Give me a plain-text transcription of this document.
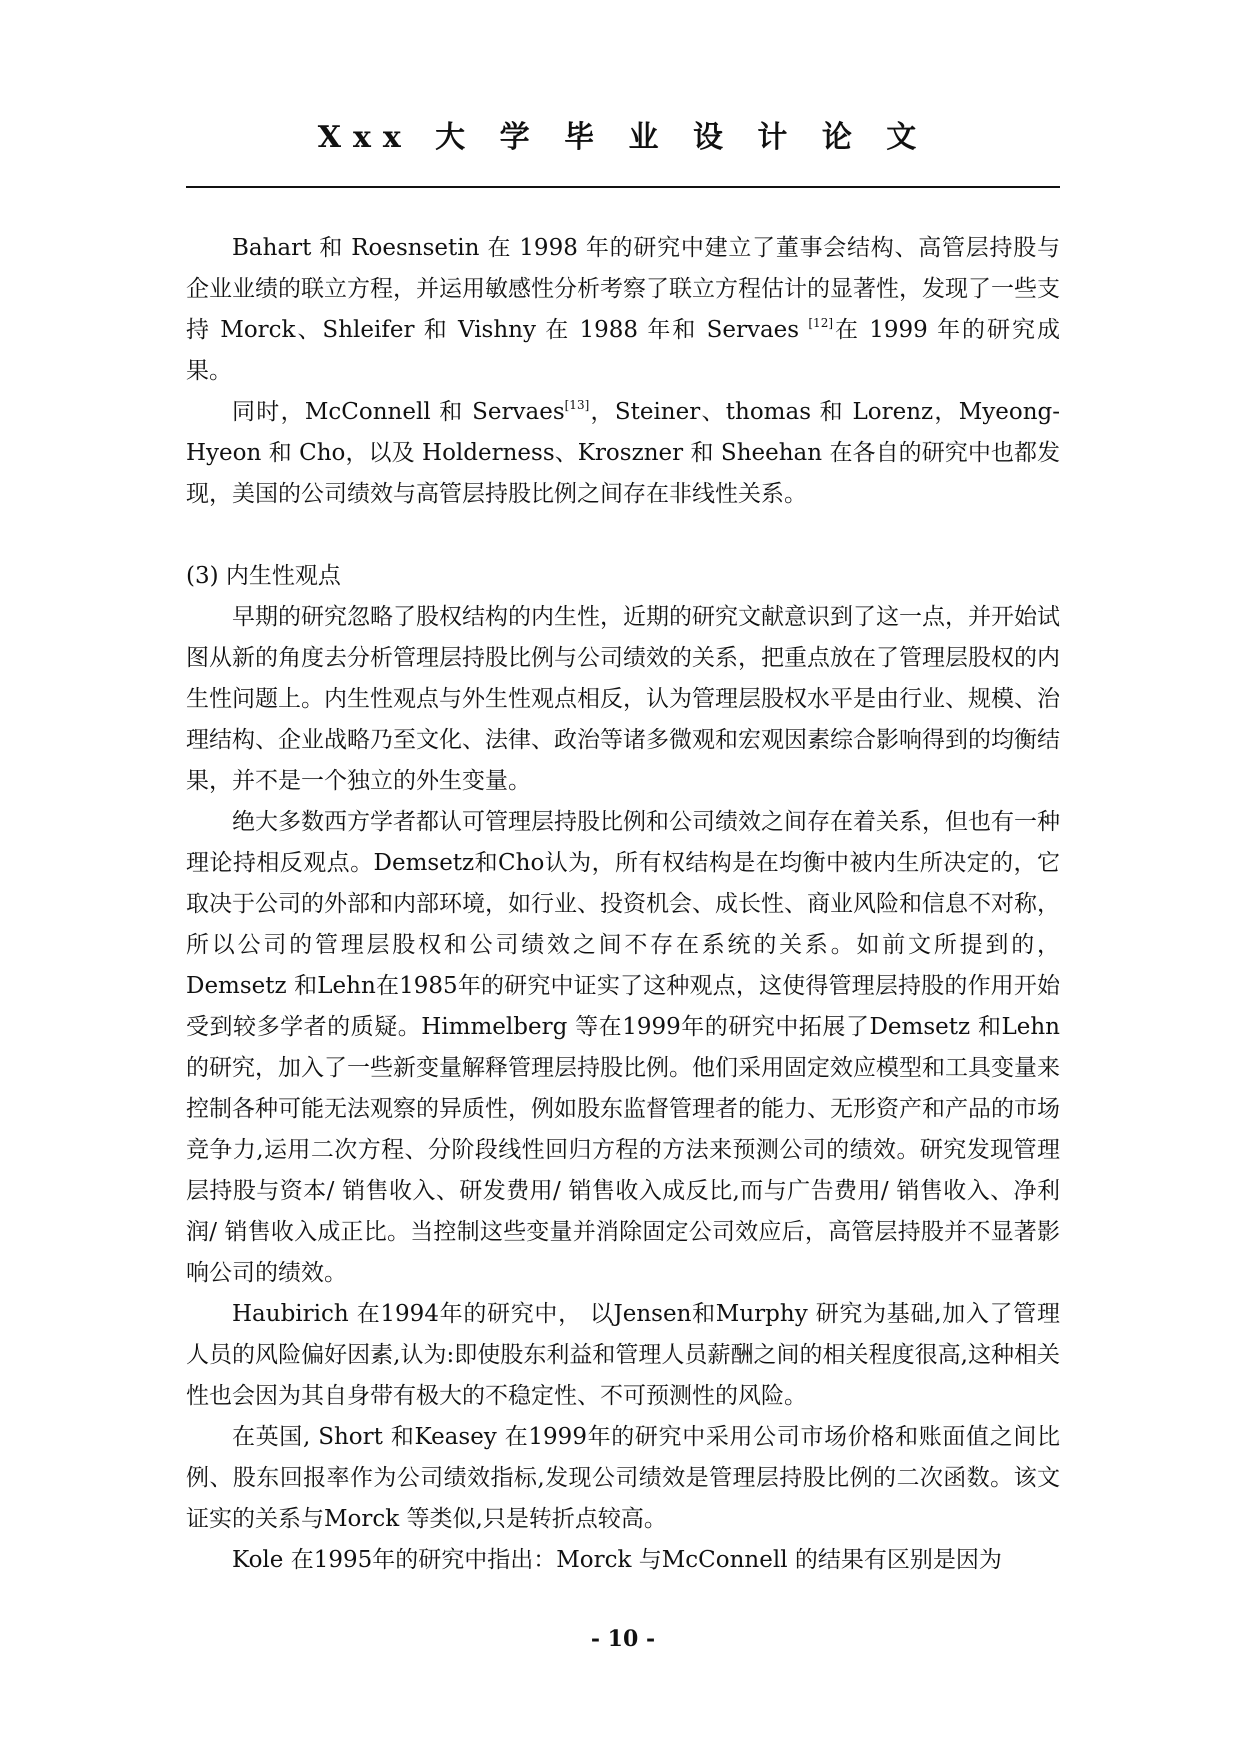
Xxx 大 学 毕 业 设 计 论 文

Bahart 和 Roesnsetin 在 1998 年的研究中建立了董事会结构、高管层持股与企业业绩的联立方程，并运用敏感性分析考察了联立方程估计的显著性，发现了一些支持 Morck、Shleifer 和 Vishny 在 1988 年和 Servaes [12]在 1999 年的研究成果。

同时，McConnell 和 Servaes[13]，Steiner、thomas 和 Lorenz，Myeong-Hyeon 和 Cho，以及 Holderness、Kroszner 和 Sheehan 在各自的研究中也都发现，美国的公司绩效与高管层持股比例之间存在非线性关系。

(3) 内生性观点

早期的研究忽略了股权结构的内生性，近期的研究文献意识到了这一点，并开始试图从新的角度去分析管理层持股比例与公司绩效的关系，把重点放在了管理层股权的内生性问题上。内生性观点与外生性观点相反，认为管理层股权水平是由行业、规模、治理结构、企业战略乃至文化、法律、政治等诸多微观和宏观因素综合影响得到的均衡结果，并不是一个独立的外生变量。

绝大多数西方学者都认可管理层持股比例和公司绩效之间存在着关系，但也有一种理论持相反观点。Demsetz和Cho认为，所有权结构是在均衡中被内生所决定的，它取决于公司的外部和内部环境，如行业、投资机会、成长性、商业风险和信息不对称，所以公司的管理层股权和公司绩效之间不存在系统的关系。如前文所提到的，Demsetz 和Lehn在1985年的研究中证实了这种观点，这使得管理层持股的作用开始受到较多学者的质疑。Himmelberg 等在1999年的研究中拓展了Demsetz 和Lehn的研究，加入了一些新变量解释管理层持股比例。他们采用固定效应模型和工具变量来控制各种可能无法观察的异质性，例如股东监督管理者的能力、无形资产和产品的市场竞争力,运用二次方程、分阶段线性回归方程的方法来预测公司的绩效。研究发现管理层持股与资本/ 销售收入、研发费用/ 销售收入成反比,而与广告费用/ 销售收入、净利润/ 销售收入成正比。当控制这些变量并消除固定公司效应后，高管层持股并不显著影响公司的绩效。

Haubirich 在1994年的研究中， 以Jensen和Murphy 研究为基础,加入了管理人员的风险偏好因素,认为:即使股东利益和管理人员薪酬之间的相关程度很高,这种相关性也会因为其自身带有极大的不稳定性、不可预测性的风险。

在英国, Short 和Keasey 在1999年的研究中采用公司市场价格和账面值之间比例、股东回报率作为公司绩效指标,发现公司绩效是管理层持股比例的二次函数。该文证实的关系与Morck 等类似,只是转折点较高。

Kole 在1995年的研究中指出：Morck 与McConnell 的结果有区别是因为

- 10 -
